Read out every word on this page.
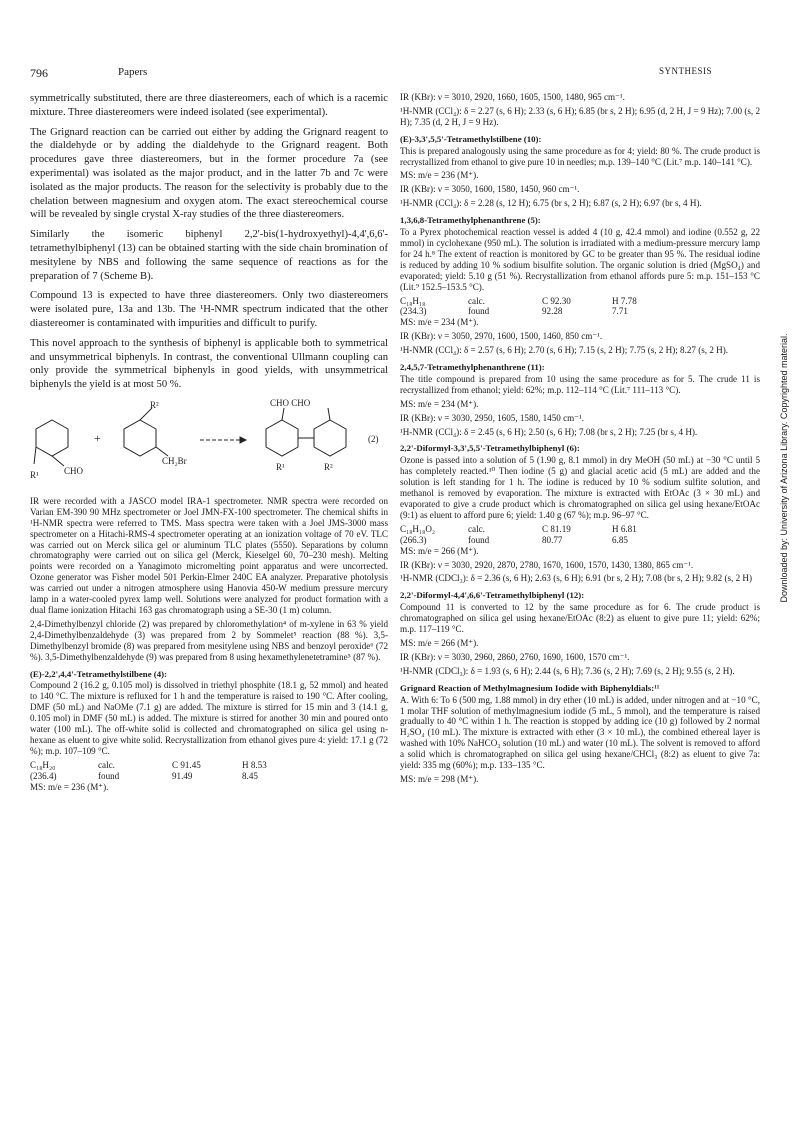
796	Papers	SYNTHESIS

symmetrically substituted, there are three diastereomers, each of which is a racemic mixture. Three diastereomers were indeed isolated (see experimental).

The Grignard reaction can be carried out either by adding the Grignard reagent to the dialdehyde or by adding the dialdehyde to the Grignard reagent. Both procedures gave three diastereomers, but in the former procedure 7a (see experimental) was isolated as the major product, and in the latter 7b and 7c were isolated as the major products. The reason for the selectivity is probably due to the chelation between magnesium and oxygen atom. The exact stereochemical course will be revealed by single crystal X-ray studies of the three diastereomers.

Similarly the isomeric biphenyl 2,2'-bis(1-hydroxyethyl)-4,4',6,6'-tetramethylbiphenyl (13) can be obtained starting with the side chain bromination of mesitylene by NBS and following the same sequence of reactions as for the preparation of 7 (Scheme B).

Compound 13 is expected to have three diastereomers. Only two diastereomers were isolated pure, 13a and 13b. The ¹H-NMR spectrum indicated that the other diastereomer is contaminated with impurities and difficult to purify.

This novel approach to the synthesis of biphenyl is applicable both to symmetrical and unsymmetrical biphenyls. In contrast, the conventional Ullmann coupling can only provide the symmetrical biphenyls in good yields, with unsymmetrical biphenyls the yield is at most 50 %.

CHO
R¹
+
R²
CH₂Br
CHO CHO
R¹	R²
(2)

IR were recorded with a JASCO model IRA-1 spectrometer. NMR spectra were recorded on Varian EM-390 90 MHz spectrometer or Joel JMN-FX-100 spectrometer. The chemical shifts in ¹H-NMR spectra were referred to TMS. Mass spectra were taken with a Joel JMS-3000 mass spectrometer on a Hitachi-RMS-4 spectrometer operating at an ionization voltage of 70 eV. TLC was carried out on Merck silica gel or aluminum TLC plates (5550). Separations by column chromatography were carried out on silica gel (Merck, Kieselgel 60, 70–230 mesh). Melting points were recorded on a Yanagimoto micromelting point apparatus and were uncorrected. Ozone generator was Fisher model 501 Perkin-Elmer 240C EA analyzer. Preparative photolysis was carried out under a nitrogen atmosphere using Hanovia 450-W medium pressure mercury lamp in a water-cooled pyrex lamp well. Solutions were analyzed for product formation with a dual flame ionization Hitachi 163 gas chromatograph using a SE-30 (1 m) column.

2,4-Dimethylbenzyl chloride (2) was prepared by chloromethylation⁴ of m-xylene in 63 % yield 2,4-Dimethylbenzaldehyde (3) was prepared from 2 by Sommelet⁵ reaction (88 %). 3,5-Dimethylbenzyl bromide (8) was prepared from mesitylene using NBS and benzoyl peroxide⁶ (72 %). 3,5-Dimethylbenzaldehyde (9) was prepared from 8 using hexamethylenetetramine⁵ (87 %).

(E)-2,2',4,4'-Tetramethylstilbene (4):

Compound 2 (16.2 g, 0.105 mol) is dissolved in triethyl phosphite (18.1 g, 52 mmol) and heated to 140 °C. The mixture is refluxed for 1 h and the temperature is raised to 190 °C. After cooling, DMF (50 mL) and NaOMe (7.1 g) are added. The mixture is stirred for 15 min and 3 (14.1 g, 0.105 mol) in DMF (50 mL) is added. The mixture is stirred for another 30 min and poured onto water (100 mL). The off-white solid is collected and chromatographed on silica gel using n-hexane as eluent to give white solid. Recrystallization from ethanol gives pure 4: yield: 17.1 g (72 %); m.p. 107–109 °C.

C₁₈H₂₀	calc.	C 91.45	H 8.53
(236.4)	found	91.49	8.45

MS: m/e = 236 (M⁺).

IR (KBr): ν = 3010, 2920, 1660, 1605, 1500, 1480, 965 cm⁻¹.

¹H-NMR (CCl₄): δ = 2.27 (s, 6 H); 2.33 (s, 6 H); 6.85 (br s, 2 H); 6.95 (d, 2 H, J = 9 Hz); 7.00 (s, 2 H); 7.35 (d, 2 H, J = 9 Hz).

(E)-3,3',5,5'-Tetramethylstilbene (10):

This is prepared analogously using the same procedure as for 4; yield: 80 %. The crude product is recrystallized from ethanol to give pure 10 in needles; m.p. 139–140 °C (Lit.⁷ m.p. 140–141 °C).

MS: m/e = 236 (M⁺).

IR (KBr): ν = 3050, 1600, 1580, 1450, 960 cm⁻¹.

¹H-NMR (CCl₄): δ = 2.28 (s, 12 H); 6.75 (br s, 2 H); 6.87 (s, 2 H); 6.97 (br s, 4 H).

1,3,6,8-Tetramethylphenanthrene (5):

To a Pyrex photochemical reaction vessel is added 4 (10 g, 42.4 mmol) and iodine (0.552 g, 22 mmol) in cyclohexane (950 mL). The solution is irradiated with a medium-pressure mercury lamp for 24 h.⁸ The extent of reaction is monitored by GC to be greater than 95 %. The residual iodine is reduced by adding 10 % sodium bisulfite solution. The organic solution is dried (MgSO₄) and evaporated; yield: 5.10 g (51 %). Recrystallization from ethanol affords pure 5: m.p. 151–153 °C (Lit.⁹ 152.5–153.5 °C).

C₁₈H₁₈	calc.	C 92.30	H 7.78
(234.3)	found	92.28	7.71

MS: m/e = 234 (M⁺).

IR (KBr): ν = 3050, 2970, 1600, 1500, 1460, 850 cm⁻¹.

¹H-NMR (CCl₄): δ = 2.57 (s, 6 H); 2.70 (s, 6 H); 7.15 (s, 2 H); 7.75 (s, 2 H); 8.27 (s, 2 H).

2,4,5,7-Tetramethylphenanthrene (11):

The title compound is prepared from 10 using the same procedure as for 5. The crude 11 is recrystallized from ethanol; yield: 62%; m.p. 112–114 °C (Lit.⁷ 111–113 °C).

MS: m/e = 234 (M⁺).

IR (KBr): ν = 3030, 2950, 1605, 1580, 1450 cm⁻¹.

¹H-NMR (CCl₄): δ = 2.45 (s, 6 H); 2.50 (s, 6 H); 7.08 (br s, 2 H); 7.25 (br s, 4 H).

2,2'-Diformyl-3,3',5,5'-Tetramethylbiphenyl (6):

Ozone is passed into a solution of 5 (1.90 g, 8.1 mmol) in dry MeOH (50 mL) at −30 °C until 5 has completely reacted.¹⁰ Then iodine (5 g) and glacial acetic acid (5 mL) are added and the solution is left standing for 1 h. The iodine is reduced by 10 % sodium sulfite solution, and methanol is removed by evaporation. The mixture is extracted with EtOAc (3 × 30 mL) and evaporated to give a crude product which is chromatographed on silica gel using hexane/EtOAc (9:1) as eluent to afford pure 6; yield: 1.40 g (67 %); m.p. 96–97 °C.

C₁₈H₁₈O₂	calc.	C 81.19	H 6.81
(266.3)	found	80.77	6.85

MS: m/e = 266 (M⁺).

IR (KBr): ν = 3030, 2920, 2870, 2780, 1670, 1600, 1570, 1430, 1380, 865 cm⁻¹.

¹H-NMR (CDCl₃): δ = 2.36 (s, 6 H); 2.63 (s, 6 H); 6.91 (br s, 2 H); 7.08 (br s, 2 H); 9.82 (s, 2 H)

2,2'-Diformyl-4,4',6,6'-Tetramethylbiphenyl (12):

Compound 11 is converted to 12 by the same procedure as for 6. The crude product is chromatographed on silica gel using hexane/EtOAc (8:2) as eluent to give pure 11; yield: 62%; m.p. 117–119 °C.

MS: m/e = 266 (M⁺).

IR (KBr): ν = 3030, 2960, 2860, 2760, 1690, 1600, 1570 cm⁻¹.

¹H-NMR (CDCl₃): δ = 1.93 (s, 6 H); 2.44 (s, 6 H); 7.36 (s, 2 H); 7.69 (s, 2 H); 9.55 (s, 2 H).

Grignard Reaction of Methylmagnesium Iodide with Biphenyldials:¹¹

A. With 6: To 6 (500 mg, 1.88 mmol) in dry ether (10 mL) is added, under nitrogen and at −10 °C, 1 molar THF solution of methylmagnesium iodide (5 mL, 5 mmol), and the temperature is raised gradually to 40 °C within 1 h. The reaction is stopped by adding ice (10 g) followed by 2 normal H₂SO₄ (10 mL). The mixture is extracted with ether (3 × 10 mL), the combined ethereal layer is washed with 10% NaHCO₃ solution (10 mL) and water (10 mL). The solvent is removed to afford a solid which is chromatographed on silica gel using hexane/CHCl₃ (8:2) as eluent to give 7a: yield: 335 mg (60%); m.p. 133–135 °C.

MS: m/e = 298 (M⁺).

Downloaded by: University of Arizona Library. Copyrighted material.
